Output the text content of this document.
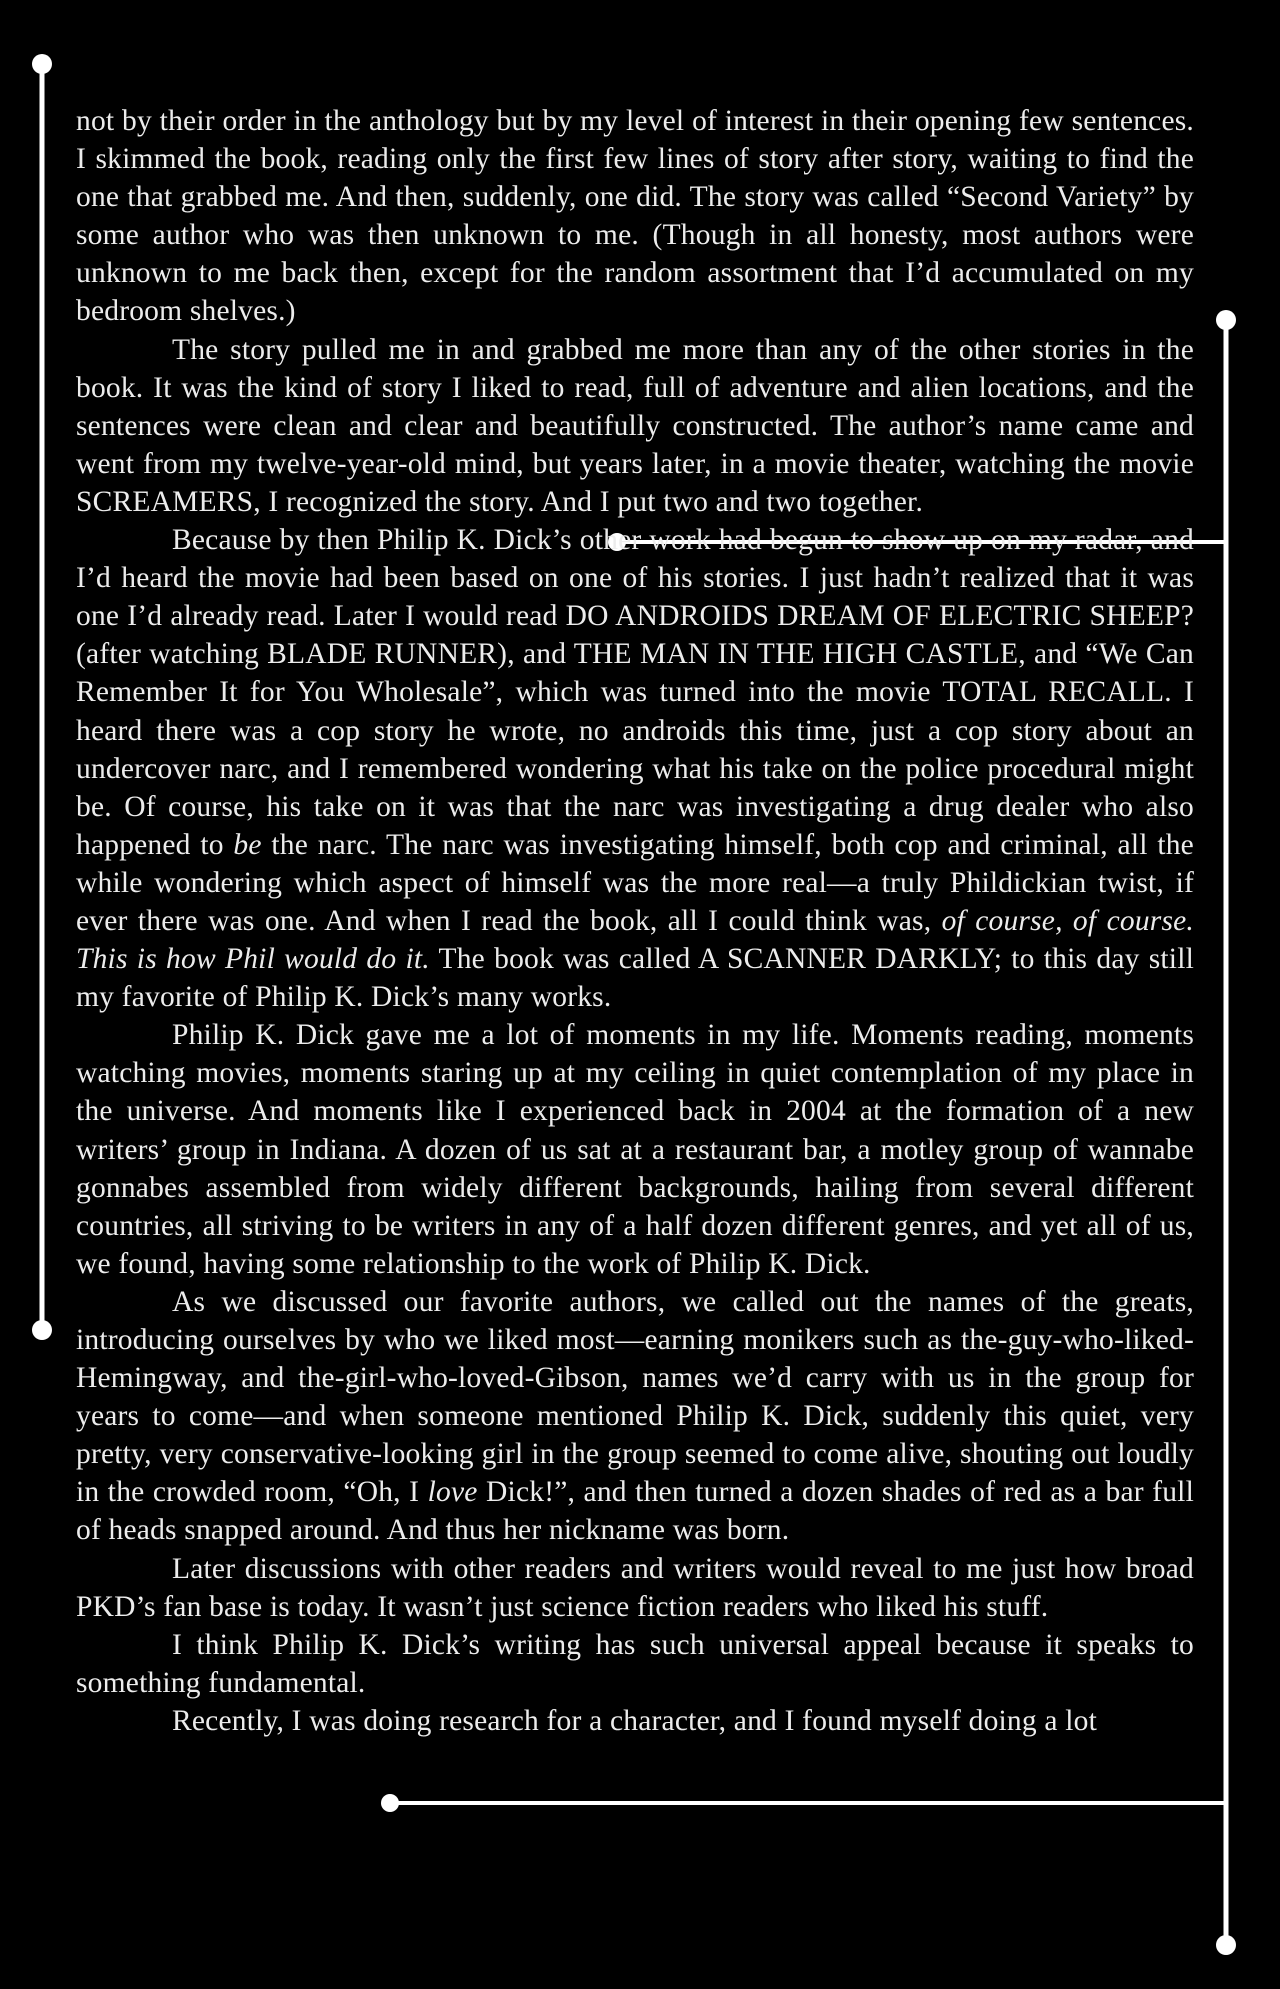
not by their order in the anthology but by my level of interest in their opening few sentences. I skimmed the book, reading only the first few lines of story after story, waiting to find the one that grabbed me. And then, suddenly, one did. The story was called “Second Variety” by some author who was then unknown to me. (Though in all honesty, most authors were unknown to me back then, except for the random assortment that I’d accumulated on my bedroom shelves.)

The story pulled me in and grabbed me more than any of the other stories in the book. It was the kind of story I liked to read, full of adventure and alien locations, and the sentences were clean and clear and beautifully constructed. The author’s name came and went from my twelve-year-old mind, but years later, in a movie theater, watching the movie SCREAMERS, I recognized the story. And I put two and two together.

Because by then Philip K. Dick’s other work had begun to show up on my radar, and I’d heard the movie had been based on one of his stories. I just hadn’t realized that it was one I’d already read. Later I would read DO ANDROIDS DREAM OF ELECTRIC SHEEP? (after watching BLADE RUNNER), and THE MAN IN THE HIGH CASTLE, and “We Can Remember It for You Wholesale”, which was turned into the movie TOTAL RECALL. I heard there was a cop story he wrote, no androids this time, just a cop story about an undercover narc, and I remembered wondering what his take on the police procedural might be. Of course, his take on it was that the narc was investigating a drug dealer who also happened to be the narc. The narc was investigating himself, both cop and criminal, all the while wondering which aspect of himself was the more real—a truly Phildickian twist, if ever there was one. And when I read the book, all I could think was, of course, of course. This is how Phil would do it. The book was called A SCANNER DARKLY; to this day still my favorite of Philip K. Dick’s many works.

Philip K. Dick gave me a lot of moments in my life. Moments reading, moments watching movies, moments staring up at my ceiling in quiet contemplation of my place in the universe. And moments like I experienced back in 2004 at the formation of a new writers’ group in Indiana. A dozen of us sat at a restaurant bar, a motley group of wannabe gonnabes assembled from widely different backgrounds, hailing from several different countries, all striving to be writers in any of a half dozen different genres, and yet all of us, we found, having some relationship to the work of Philip K. Dick.

As we discussed our favorite authors, we called out the names of the greats, introducing ourselves by who we liked most—earning monikers such as the-guy-who-liked-Hemingway, and the-girl-who-loved-Gibson, names we’d carry with us in the group for years to come—and when someone mentioned Philip K. Dick, suddenly this quiet, very pretty, very conservative-looking girl in the group seemed to come alive, shouting out loudly in the crowded room, “Oh, I love Dick!”, and then turned a dozen shades of red as a bar full of heads snapped around. And thus her nickname was born.

Later discussions with other readers and writers would reveal to me just how broad PKD’s fan base is today. It wasn’t just science fiction readers who liked his stuff.

I think Philip K. Dick’s writing has such universal appeal because it speaks to something fundamental.

Recently, I was doing research for a character, and I found myself doing a lot
